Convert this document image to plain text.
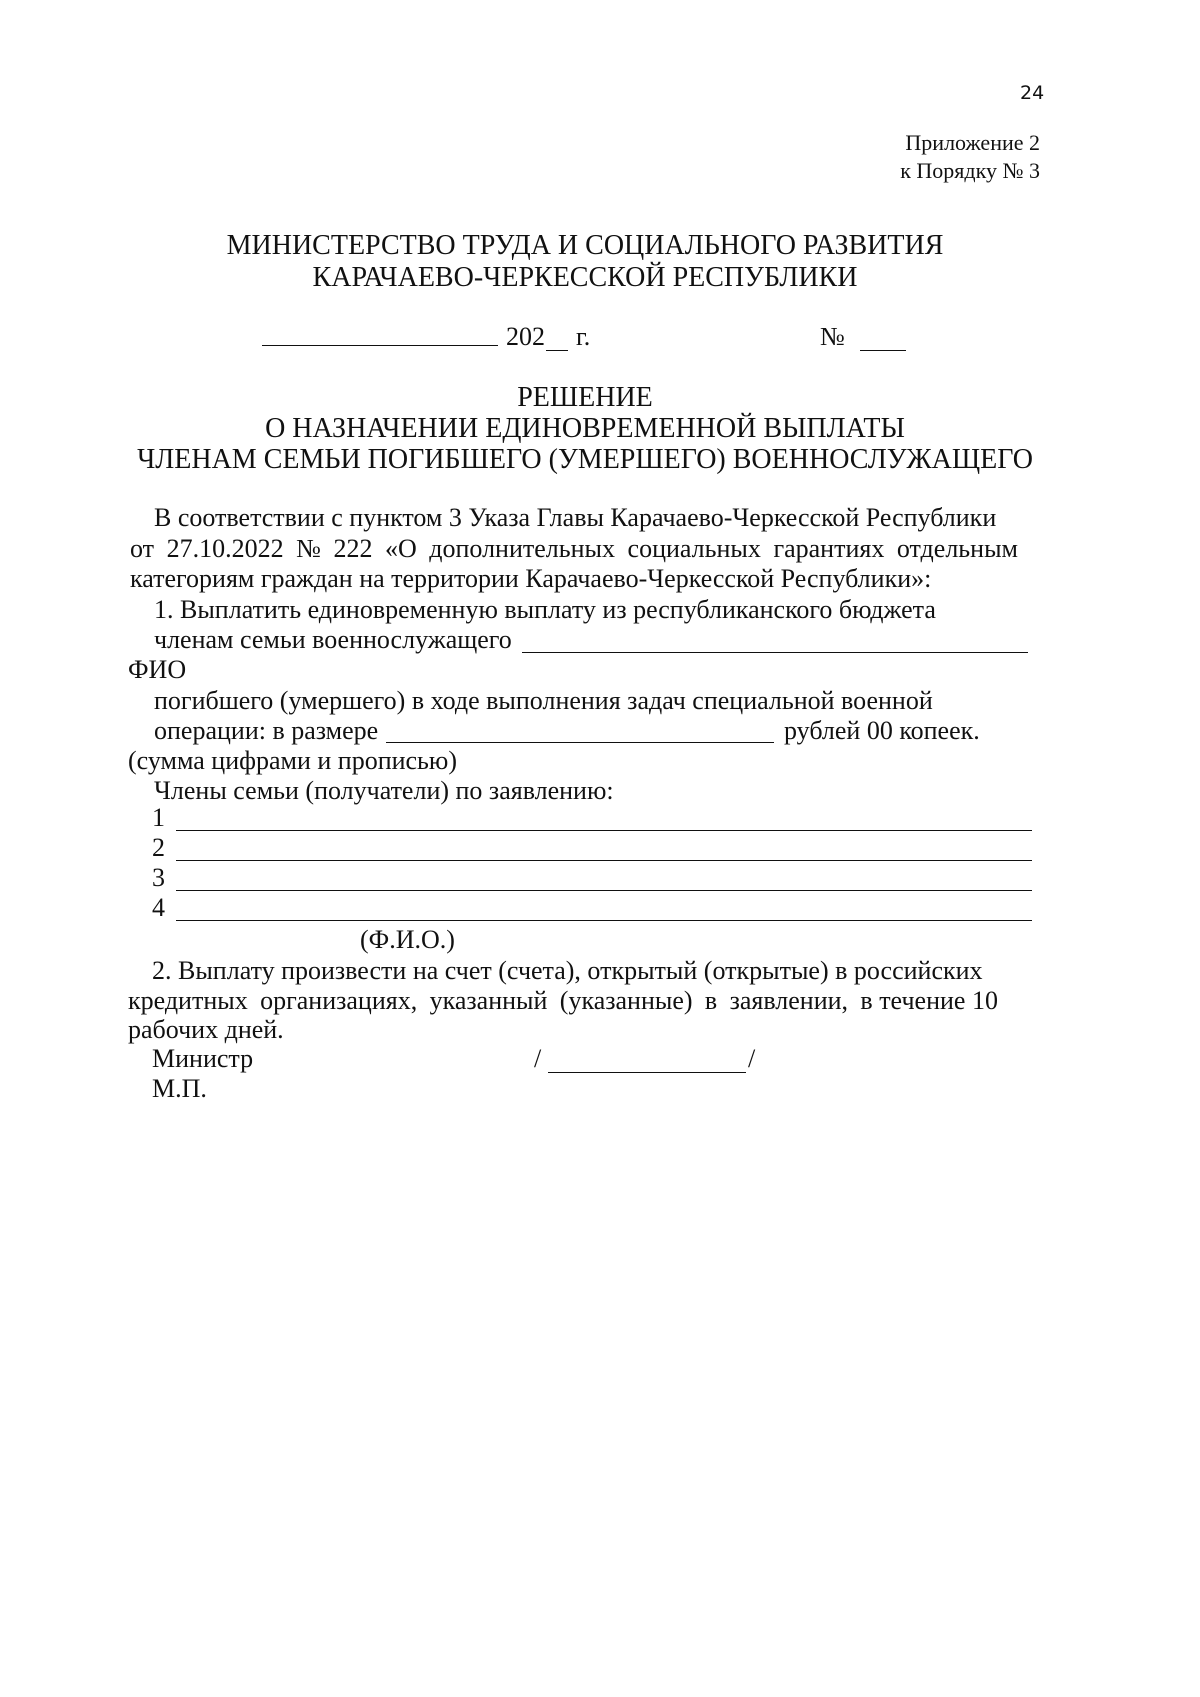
24
Приложение 2
к Порядку № 3
МИНИСТЕРСТВО ТРУДА И СОЦИАЛЬНОГО РАЗВИТИЯ
КАРАЧАЕВО-ЧЕРКЕССКОЙ РЕСПУБЛИКИ
202 г.	№
РЕШЕНИЕ
О НАЗНАЧЕНИИ ЕДИНОВРЕМЕННОЙ ВЫПЛАТЫ
ЧЛЕНАМ СЕМЬИ ПОГИБШЕГО (УМЕРШЕГО) ВОЕННОСЛУЖАЩЕГО
В соответствии с пунктом 3 Указа Главы Карачаево-Черкесской Республики
от 27.10.2022 № 222 «О дополнительных социальных гарантиях отдельным
категориям граждан на территории Карачаево-Черкесской Республики»:
1. Выплатить единовременную выплату из республиканского бюджета
членам семьи военнослужащего
ФИО
погибшего (умершего) в ходе выполнения задач специальной военной
операции: в размере	рублей 00 копеек.
(сумма цифрами и прописью)
Члены семьи (получатели) по заявлению:
1
2
3
4
(Ф.И.О.)
2. Выплату произвести на счет (счета), открытый (открытые) в российских
кредитных организациях, указанный (указанные) в заявлении, в течение 10
рабочих дней.
Министр	/	/
М.П.
